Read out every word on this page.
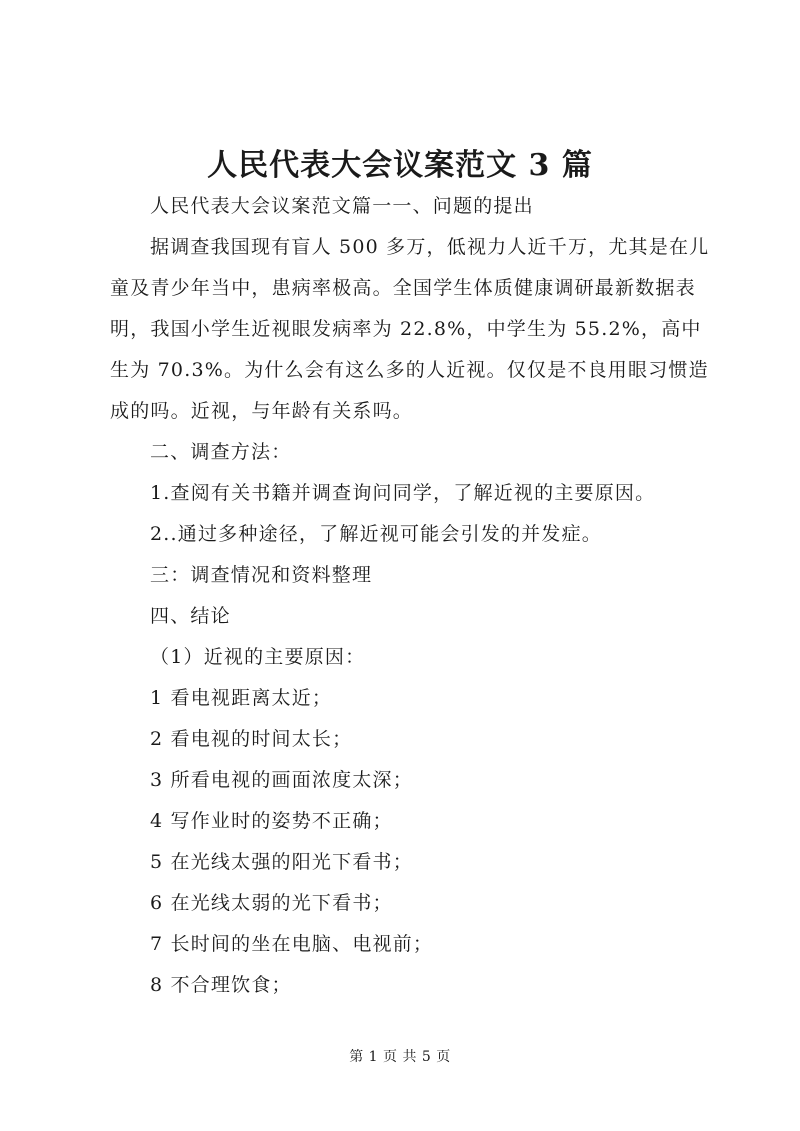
人民代表大会议案范文 3 篇

人民代表大会议案范文篇一一、问题的提出

据调查我国现有盲人 500 多万，低视力人近千万，尤其是在儿童及青少年当中，患病率极高。全国学生体质健康调研最新数据表明，我国小学生近视眼发病率为 22.8%，中学生为 55.2%，高中生为 70.3%。为什么会有这么多的人近视。仅仅是不良用眼习惯造成的吗。近视，与年龄有关系吗。

二、调查方法：

1.查阅有关书籍并调查询问同学，了解近视的主要原因。

2..通过多种途径，了解近视可能会引发的并发症。

三：调查情况和资料整理

四、结论

（1）近视的主要原因：

1 看电视距离太近；

2 看电视的时间太长；

3 所看电视的画面浓度太深；

4 写作业时的姿势不正确；

5 在光线太强的阳光下看书；

6 在光线太弱的光下看书；

7 长时间的坐在电脑、电视前；

8 不合理饮食；

第 1 页 共 5 页
